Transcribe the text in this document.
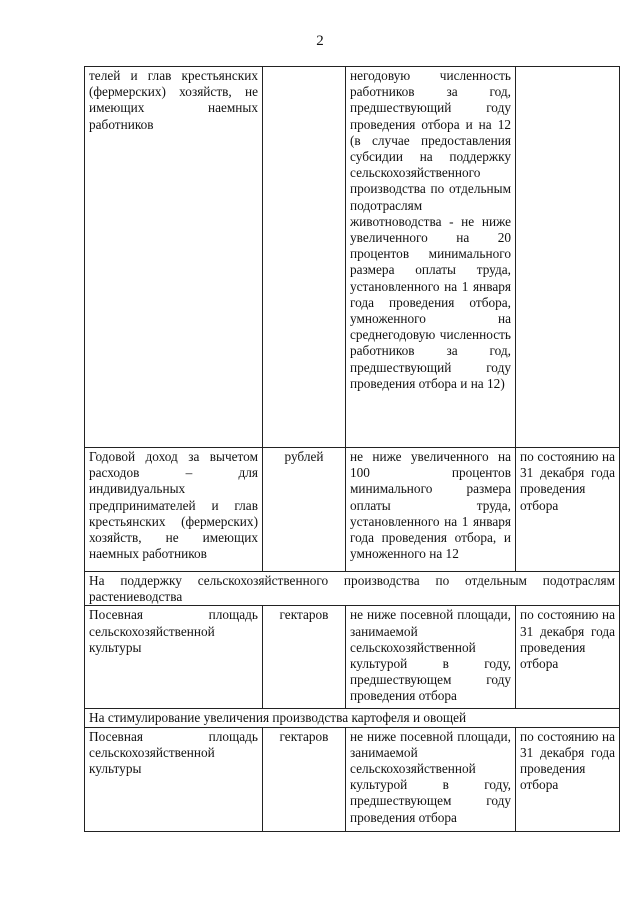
2
телей и глав крестьянских (фермерских) хозяйств, не имеющих наемных работников		негодовую численность работников за год, предшествующий году проведения отбора и на 12 (в случае предоставления субсидии на поддержку сельскохозяйственного производства по отдельным подотраслям животноводства - не ниже увеличенного на 20 процентов минимального размера оплаты труда, установленного на 1 января года проведения отбора, умноженного на среднегодовую численность работников за год, предшествующий году проведения отбора и на 12)	
Годовой доход за вычетом расходов – для индивидуальных предпринимателей и глав крестьянских (фермерских) хозяйств, не имеющих наемных работников	рублей	не ниже увеличенного на 100 процентов минимального размера оплаты труда, установленного на 1 января года проведения отбора, и умноженного на 12	по состоянию на 31 декабря года проведения отбора
На поддержку сельскохозяйственного производства по отдельным подотраслям растениеводства			
Посевная площадь сельскохозяйственной культуры	гектаров	не ниже посевной площади, занимаемой сельскохозяйственной культурой в году, предшествующем году проведения отбора	по состоянию на 31 декабря года проведения отбора
На стимулирование увеличения производства картофеля и овощей			
Посевная площадь сельскохозяйственной культуры	гектаров	не ниже посевной площади, занимаемой сельскохозяйственной культурой в году, предшествующем году проведения отбора	по состоянию на 31 декабря года проведения отбора
